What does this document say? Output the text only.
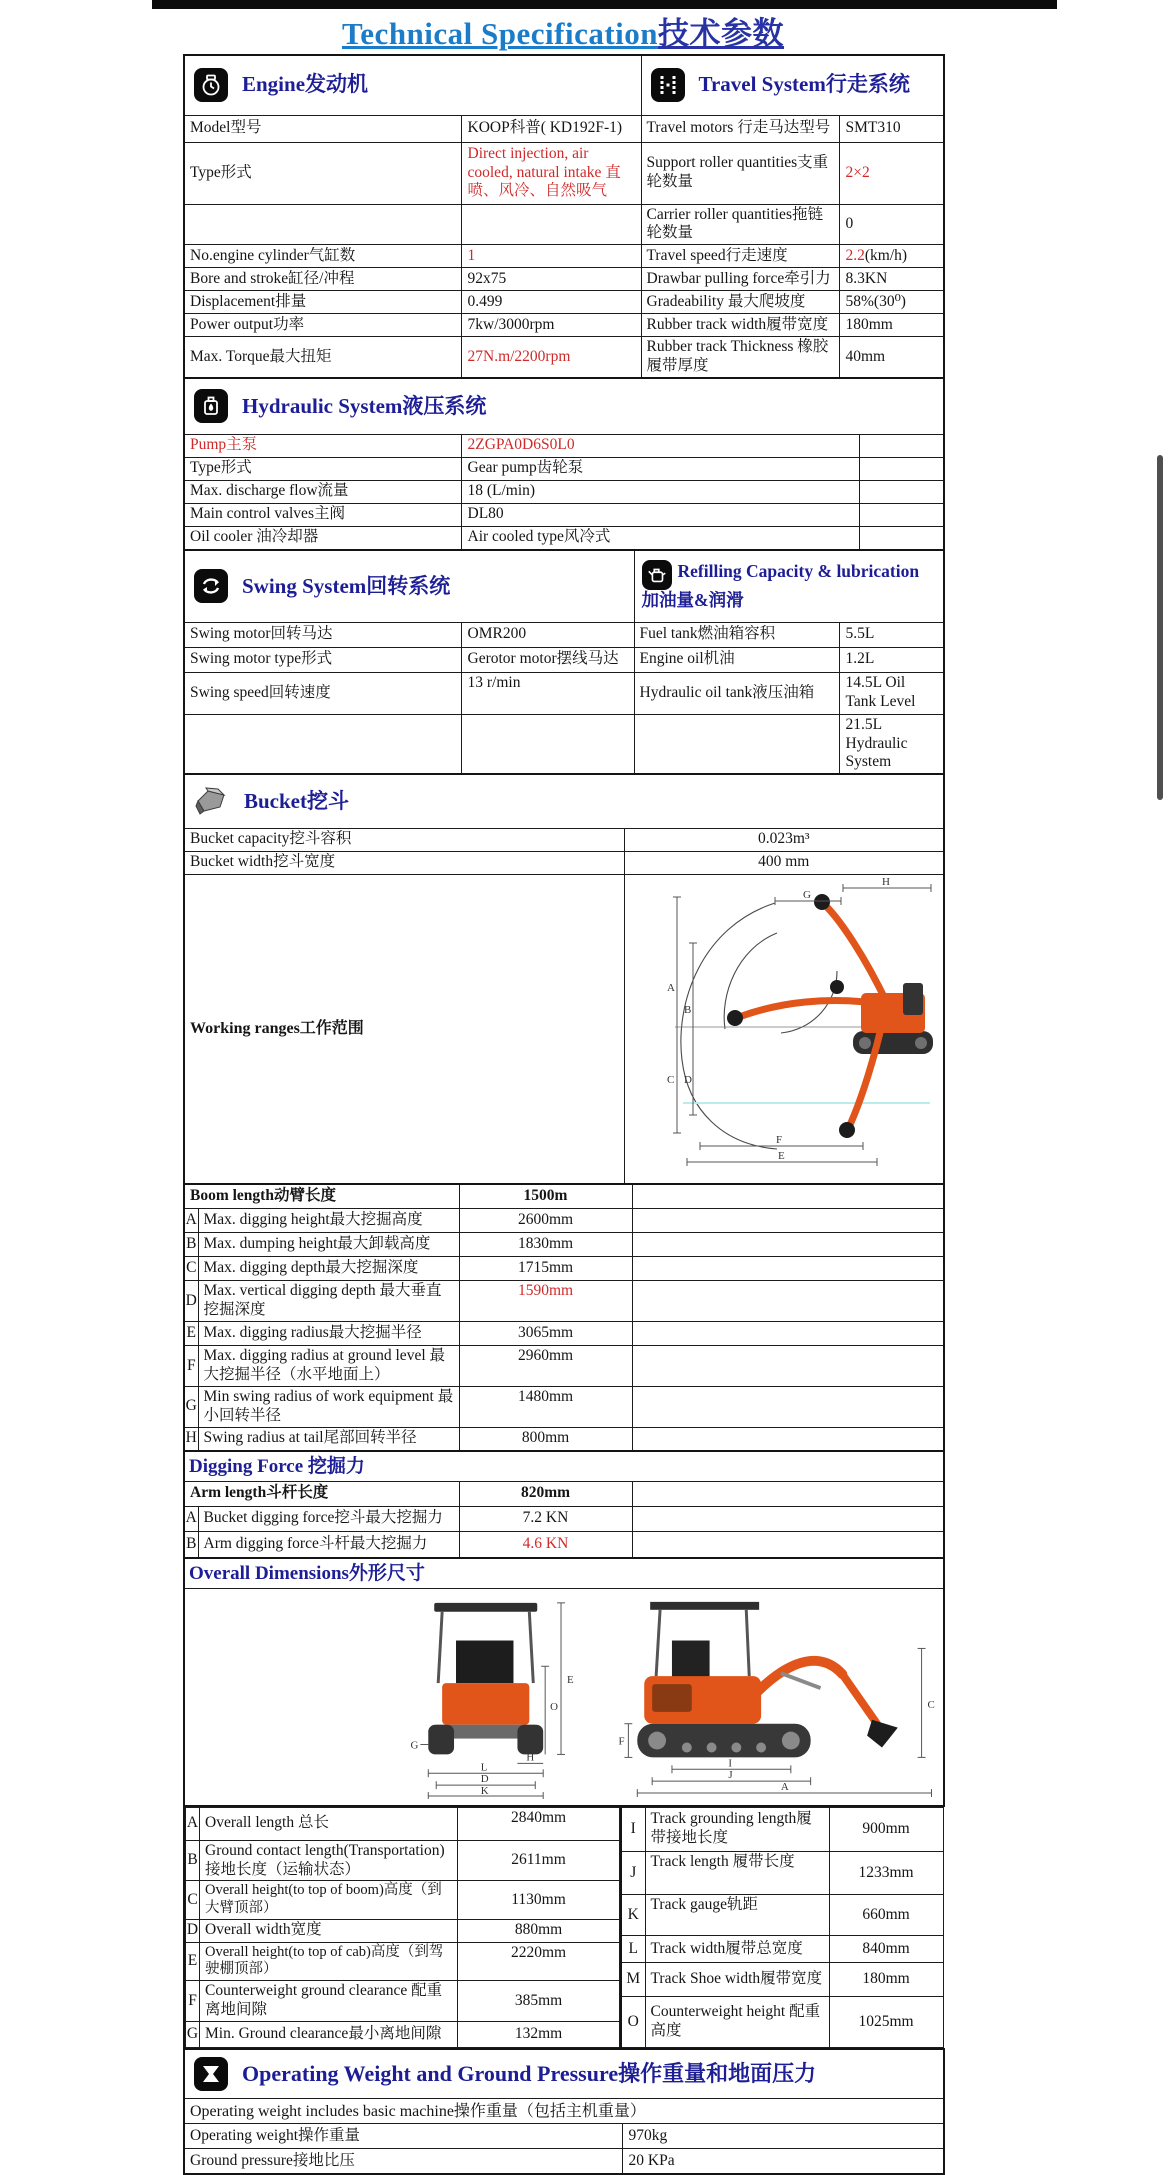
Technical Specification技术参数
Engine发动机		Travel System行走系统	

Model型号	KOOP科普( KD192F-1)	Travel motors 行走马达型号	SMT310
Type形式	Direct injection, air cooled, natural intake 直喷、风冷、自然吸气	Support roller quantities支重轮数量	2×2
		Carrier roller quantities拖链轮数量	0
No.engine cylinder气缸数	1	Travel speed行走速度	2.2(km/h)
Bore and stroke缸径/冲程	92x75	Drawbar pulling force牵引力	8.3KN
Displacement排量	0.499	Gradeability 最大爬坡度	58%(30⁰)
Power output功率	7kw/3000rpm	Rubber track width履带宽度	180mm
Max. Torque最大扭矩	27N.m/2200rpm	Rubber track Thickness 橡胶履带厚度	40mm
Hydraulic System液压系统		

Pump主泵	2ZGPA0D6S0L0	
Type形式	Gear pump齿轮泵	
Max. discharge flow流量	18 (L/min)	
Main control valves主阀	DL80	
Oil cooler 油冷却器	Air cooled type风冷式	
Swing System回转系统		Refilling Capacity & lubrication
加油量&润滑	

Swing motor回转马达	OMR200	Fuel tank燃油箱容积	5.5L
Swing motor type形式	Gerotor motor摆线马达	Engine oil机油	1.2L
Swing speed回转速度	13 r/min	Hydraulic oil tank液压油箱	14.5L Oil Tank Level
			21.5L Hydraulic System
Bucket挖斗	

Bucket capacity挖斗容积	0.023m³
Bucket width挖斗宽度	400 mm
Working ranges工作范围	
A
B
C D
E
F
G
H
Boom length动臂长度		1500m	
A	Max. digging height最大挖掘高度	2600mm	
B	Max. dumping height最大卸载高度	1830mm	
C	Max. digging depth最大挖掘深度	1715mm	
D	Max. vertical digging depth 最大垂直挖掘深度	1590mm	
E	Max. digging radius最大挖掘半径	3065mm	
F	Max. digging radius at ground level 最大挖掘半径（水平地面上）	2960mm	
G	Min swing radius of work equipment 最小回转半径	1480mm	
H	Swing radius at tail尾部回转半径	800mm	
Digging Force 挖掘力			
Arm length斗杆长度		820mm	
A	Bucket digging force挖斗最大挖掘力	7.2 KN	
B	Arm digging force斗杆最大挖掘力	4.6 KN	
Overall Dimensions外形尺寸

E
O
G
H
L
D
K
F
C
I
J
A
A	Overall length 总长	2840mm
B	Ground contact length(Transportation) 接地长度（运输状态）	2611mm
C	Overall height(to top of boom)高度（到大臂顶部）	1130mm
D	Overall width宽度	880mm
E	Overall height(to top of cab)高度（到驾驶棚顶部）	2220mm
F	Counterweight ground clearance 配重离地间隙	385mm
G	Min. Ground clearance最小离地间隙	132mm
I	Track grounding length履带接地长度	900mm
J	Track length 履带长度	1233mm
K	Track gauge轨距	660mm
L	Track width履带总宽度	840mm
M	Track Shoe width履带宽度	180mm
O	Counterweight height 配重高度	1025mm
Operating Weight and Ground Pressure操作重量和地面压力	

Operating weight includes basic machine操作重量（包括主机重量）	
Operating weight操作重量	970kg
Ground pressure接地比压	20 KPa
